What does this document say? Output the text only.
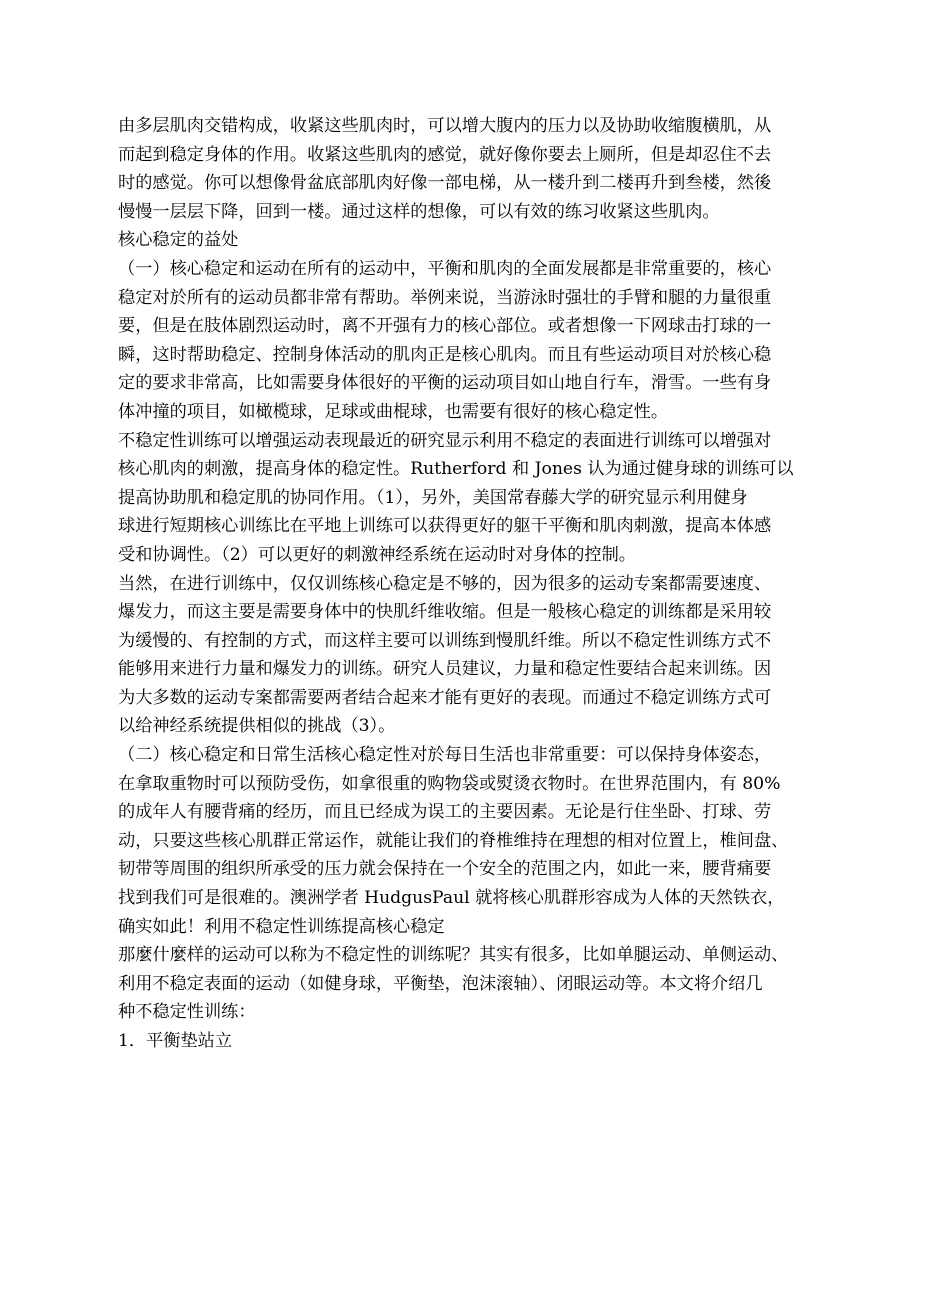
由多层肌肉交错构成，收紧这些肌肉时，可以增大腹内的压力以及协助收缩腹横肌，从
而起到稳定身体的作用。收紧这些肌肉的感觉，就好像你要去上厕所，但是却忍住不去
时的感觉。你可以想像骨盆底部肌肉好像一部电梯，从一楼升到二楼再升到叁楼，然後
慢慢一层层下降，回到一楼。通过这样的想像，可以有效的练习收紧这些肌肉。
核心稳定的益处
（一）核心稳定和运动在所有的运动中，平衡和肌肉的全面发展都是非常重要的，核心
稳定对於所有的运动员都非常有帮助。举例来说，当游泳时强壮的手臂和腿的力量很重
要，但是在肢体剧烈运动时，离不开强有力的核心部位。或者想像一下网球击打球的一
瞬，这时帮助稳定、控制身体活动的肌肉正是核心肌肉。而且有些运动项目对於核心稳
定的要求非常高，比如需要身体很好的平衡的运动项目如山地自行车，滑雪。一些有身
体冲撞的项目，如橄榄球，足球或曲棍球，也需要有很好的核心稳定性。
不稳定性训练可以增强运动表现最近的研究显示利用不稳定的表面进行训练可以增强对
核心肌肉的刺激，提高身体的稳定性。Rutherford 和 Jones 认为通过健身球的训练可以
提高协助肌和稳定肌的协同作用。（1），另外，美国常春藤大学的研究显示利用健身
球进行短期核心训练比在平地上训练可以获得更好的躯干平衡和肌肉刺激，提高本体感
受和协调性。（2）可以更好的刺激神经系统在运动时对身体的控制。
当然，在进行训练中，仅仅训练核心稳定是不够的，因为很多的运动专案都需要速度、
爆发力，而这主要是需要身体中的快肌纤维收缩。但是一般核心稳定的训练都是采用较
为缓慢的、有控制的方式，而这样主要可以训练到慢肌纤维。所以不稳定性训练方式不
能够用来进行力量和爆发力的训练。研究人员建议，力量和稳定性要结合起来训练。因
为大多数的运动专案都需要两者结合起来才能有更好的表现。而通过不稳定训练方式可
以给神经系统提供相似的挑战（3）。
（二）核心稳定和日常生活核心稳定性对於每日生活也非常重要：可以保持身体姿态，
在拿取重物时可以预防受伤，如拿很重的购物袋或熨烫衣物时。在世界范围内，有 80%
的成年人有腰背痛的经历，而且已经成为误工的主要因素。无论是行住坐卧、打球、劳
动，只要这些核心肌群正常运作，就能让我们的脊椎维持在理想的相对位置上，椎间盘、
韧带等周围的组织所承受的压力就会保持在一个安全的范围之内，如此一来，腰背痛要
找到我们可是很难的。澳洲学者 HudgusPaul 就将核心肌群形容成为人体的天然铁衣，
确实如此！利用不稳定性训练提高核心稳定
那麼什麼样的运动可以称为不稳定性的训练呢？其实有很多，比如单腿运动、单侧运动、
利用不稳定表面的运动（如健身球，平衡垫，泡沫滚轴）、闭眼运动等。本文将介绍几
种不稳定性训练：
1．平衡垫站立
